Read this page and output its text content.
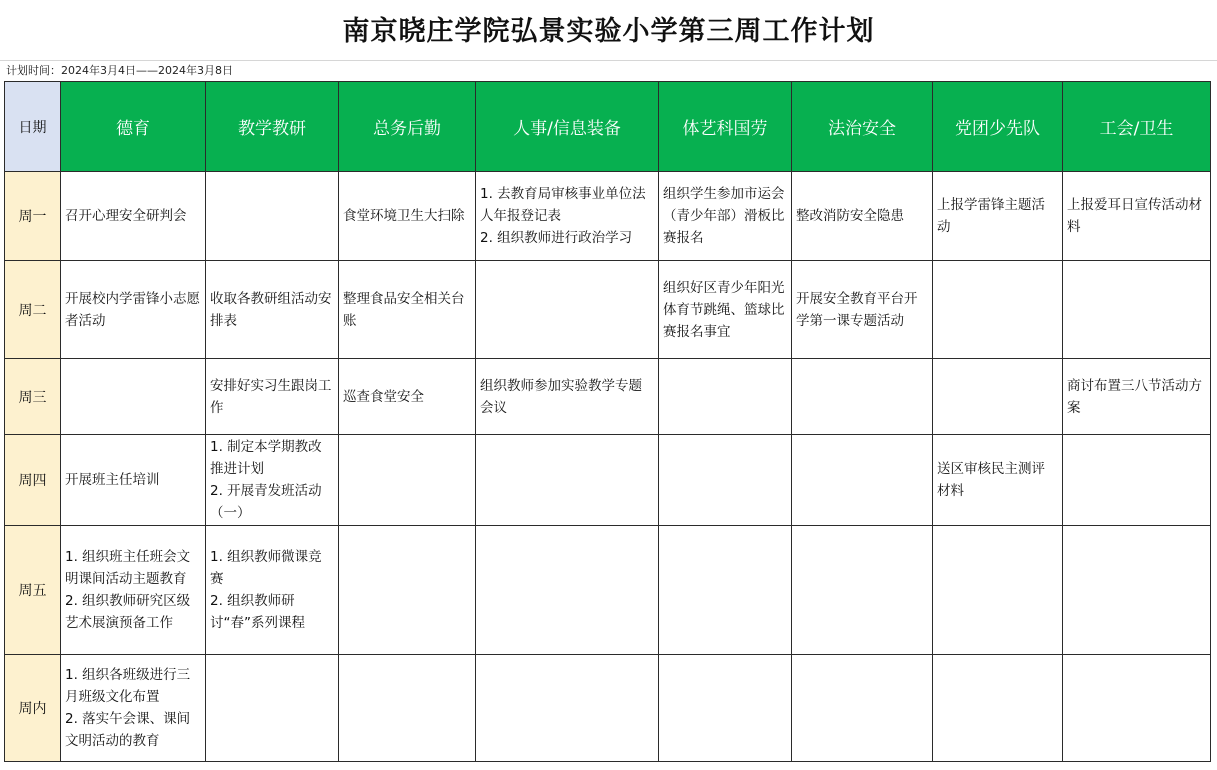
南京晓庄学院弘景实验小学第三周工作计划
计划时间：2024年3月4日——2024年3月8日
日期	德育	教学教研	总务后勤	人事/信息装备	体艺科国劳	法治安全	党团少先队	工会/卫生
周一	召开心理安全研判会		食堂环境卫生大扫除	1. 去教育局审核事业单位法人年报登记表
2. 组织教师进行政治学习	组织学生参加市运会（青少年部）滑板比赛报名	整改消防安全隐患	上报学雷锋主题活动	上报爱耳日宣传活动材料

周二	开展校内学雷锋小志愿者活动	收取各教研组活动安排表	整理食品安全相关台账		组织好区青少年阳光体育节跳绳、篮球比赛报名事宜	开展安全教育平台开学第一课专题活动		

周三		安排好实习生跟岗工作	巡查食堂安全	组织教师参加实验教学专题会议				商讨布置三八节活动方案

周四	开展班主任培训	1. 制定本学期教改推进计划
2. 开展青发班活动（一）					送区审核民主测评材料	

周五	1. 组织班主任班会文明课间活动主题教育
2. 组织教师研究区级艺术展演预备工作	1. 组织教师微课竞赛
2. 组织教师研讨“春”系列课程						

周内	1. 组织各班级进行三月班级文化布置
2. 落实午会课、课间文明活动的教育							
